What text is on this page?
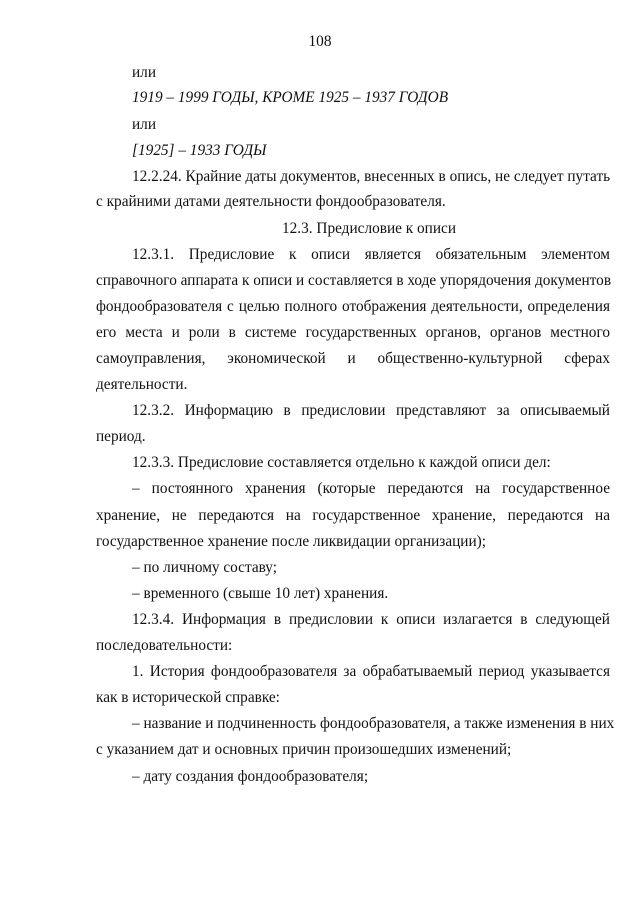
108

или

1919 – 1999 ГОДЫ, КРОМЕ 1925 – 1937 ГОДОВ

или

[1925] – 1933 ГОДЫ

12.2.24. Крайние даты документов, внесенных в опись, не следует путать

с крайними датами деятельности фондообразователя.

12.3. Предисловие к описи

12.3.1. Предисловие к описи является обязательным элементом

справочного аппарата к описи и составляется в ходе упорядочения документов

фондообразователя с целью полного отображения деятельности, определения

его места и роли в системе государственных органов, органов местного

самоуправления, экономической и общественно-культурной сферах

деятельности.

12.3.2. Информацию в предисловии представляют за описываемый

период.

12.3.3. Предисловие составляется отдельно к каждой описи дел:

– постоянного хранения (которые передаются на государственное

хранение, не передаются на государственное хранение, передаются на

государственное хранение после ликвидации организации);

– по личному составу;

– временного (свыше 10 лет) хранения.

12.3.4. Информация в предисловии к описи излагается в следующей

последовательности:

1. История фондообразователя за обрабатываемый период указывается

как в исторической справке:

– название и подчиненность фондообразователя, а также изменения в них

с указанием дат и основных причин произошедших изменений;

– дату создания фондообразователя;
